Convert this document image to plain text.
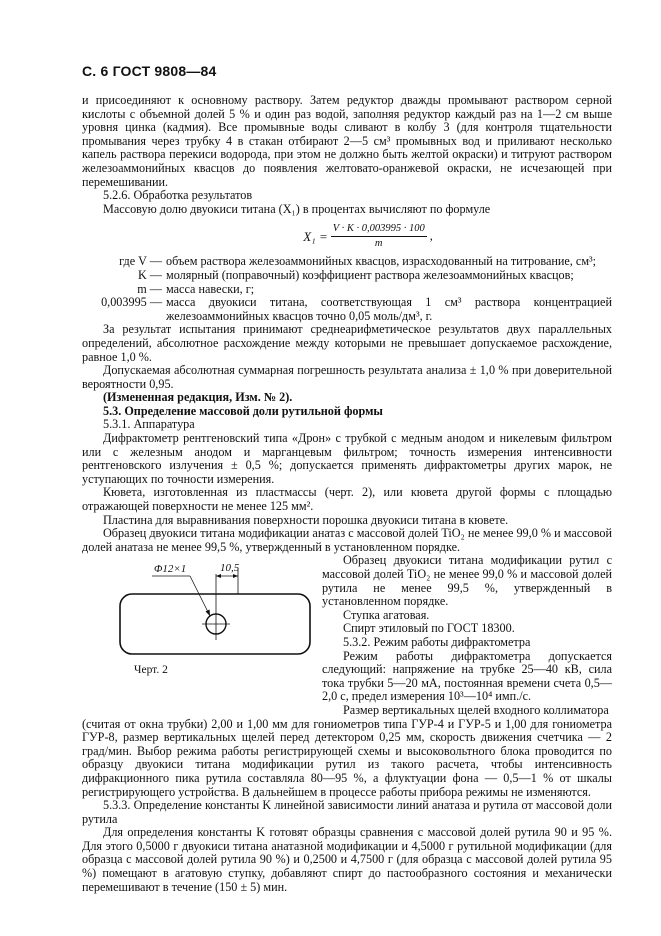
С. 6 ГОСТ 9808—84

и присоединяют к основному раствору. Затем редуктор дважды промывают раствором серной кислоты с объемной долей 5 % и один раз водой, заполняя редуктор каждый раз на 1—2 см выше уровня цинка (кадмия). Все промывные воды сливают в колбу 3 (для контроля тщательности промывания через трубку 4 в стакан отбирают 2—5 см³ промывных вод и приливают несколько капель раствора перекиси водорода, при этом не должно быть желтой окраски) и титруют раствором железоаммонийных квасцов до появления желтовато-оранжевой окраски, не исчезающей при перемешивании.

5.2.6. Обработка результатов

Массовую долю двуокиси титана (X₁) в процентах вычисляют по формуле

$X_1 = \frac{V \cdot K \cdot 0,003995 \cdot 100}{m}$ ,

где V — объем раствора железоаммонийных квасцов, израсходованный на титрование, см³;

K — молярный (поправочный) коэффициент раствора железоаммонийных квасцов;

m — масса навески, г;

0,003995 — масса двуокиси титана, соответствующая 1 см³ раствора концентрацией железоаммонийных квасцов точно 0,05 моль/дм³, г.

За результат испытания принимают среднеарифметическое результатов двух параллельных определений, абсолютное расхождение между которыми не превышает допускаемое расхождение, равное 1,0 %.

Допускаемая абсолютная суммарная погрешность результата анализа ± 1,0 % при доверительной вероятности 0,95.

(Измененная редакция, Изм. № 2).

5.3. Определение массовой доли рутильной формы

5.3.1. Аппаратура

Дифрактометр рентгеновский типа «Дрон» с трубкой с медным анодом и никелевым фильтром или с железным анодом и марганцевым фильтром; точность измерения интенсивности рентгеновского излучения ± 0,5 %; допускается применять дифрактометры других марок, не уступающих по точности измерения.

Кювета, изготовленная из пластмассы (черт. 2), или кювета другой формы с площадью отражающей поверхности не менее 125 мм².

Пластина для выравнивания поверхности порошка двуокиси титана в кювете.

Образец двуокиси титана модификации анатаз с массовой долей TiO₂ не менее 99,0 % и массовой долей анатаза не менее 99,5 %, утвержденный в установленном порядке.

Φ12×1	10,5
Черт. 2

Образец двуокиси титана модификации рутил с массовой долей TiO₂ не менее 99,0 % и массовой долей рутила не менее 99,5 %, утвержденный в установленном порядке.

Ступка агатовая.

Спирт этиловый по ГОСТ 18300.

5.3.2. Режим работы дифрактометра

Режим работы дифрактометра допускается следующий: напряжение на трубке 25—40 кВ, сила тока трубки 5—20 мА, постоянная времени счета 0,5—2,0 с, предел измерения 10³—10⁴ имп./с.

Размер вертикальных щелей входного коллиматора

(считая от окна трубки) 2,00 и 1,00 мм для гониометров типа ГУР-4 и ГУР-5 и 1,00 для гониометра ГУР-8, размер вертикальных щелей перед детектором 0,25 мм, скорость движения счетчика — 2 град/мин. Выбор режима работы регистрирующей схемы и высоковольтного блока проводится по образцу двуокиси титана модификации рутил из такого расчета, чтобы интенсивность дифракционного пика рутила составляла 80—95 %, а флуктуации фона — 0,5—1 % от шкалы регистрирующего устройства. В дальнейшем в процессе работы прибора режимы не изменяются.

5.3.3. Определение константы K линейной зависимости линий анатаза и рутила от массовой доли рутила

Для определения константы K готовят образцы сравнения с массовой долей рутила 90 и 95 %. Для этого 0,5000 г двуокиси титана анатазной модификации и 4,5000 г рутильной модификации (для образца с массовой долей рутила 90 %) и 0,2500 и 4,7500 г (для образца с массовой долей рутила 95 %) помещают в агатовую ступку, добавляют спирт до пастообразного состояния и механически перемешивают в течение (150 ± 5) мин.
